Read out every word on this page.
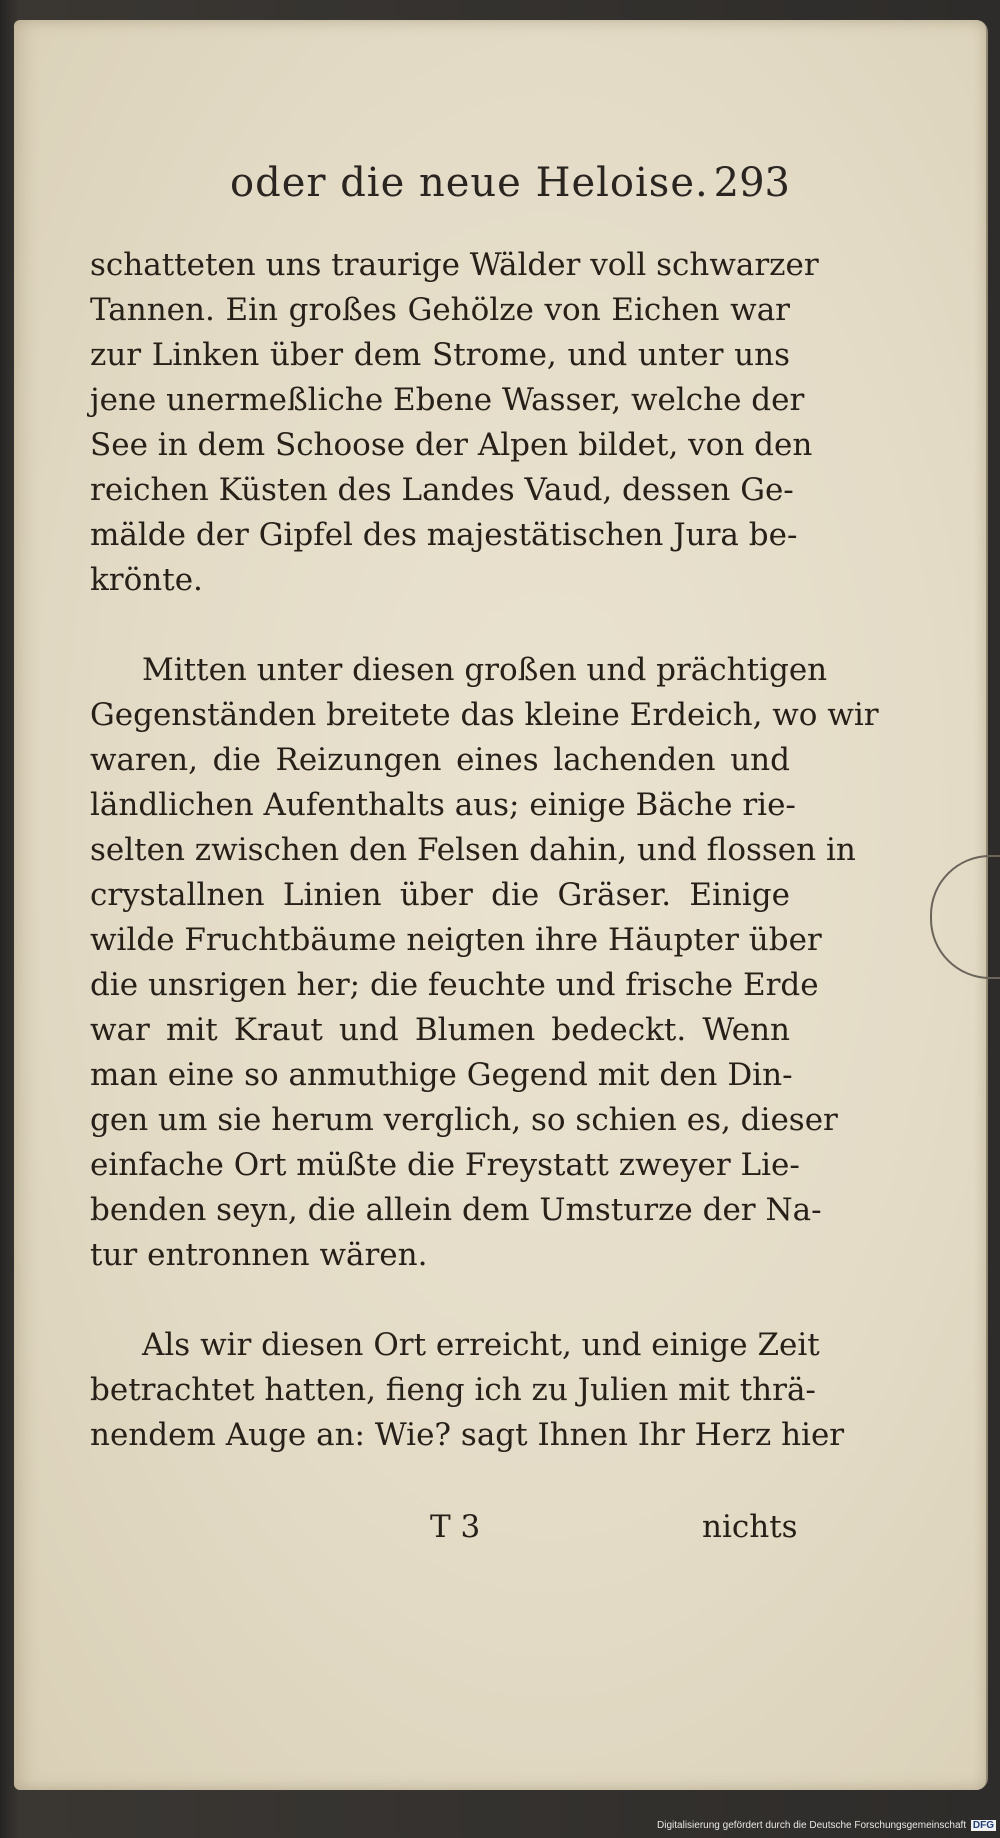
oder die neue Heloise. 293
schatteten uns traurige Wälder voll schwarzer
Tannen. Ein großes Gehölze von Eichen war
zur Linken über dem Strome, und unter uns
jene unermeßliche Ebene Wasser, welche der
See in dem Schoose der Alpen bildet, von den
reichen Küsten des Landes Vaud, dessen Ge-
mälde der Gipfel des majestätischen Jura be-
krönte.
Mitten unter diesen großen und prächtigen
Gegenständen breitete das kleine Erdeich, wo wir
waren, die Reizungen eines lachenden und
ländlichen Aufenthalts aus; einige Bäche rie-
selten zwischen den Felsen dahin, und flossen in
crystallnen Linien über die Gräser. Einige
wilde Fruchtbäume neigten ihre Häupter über
die unsrigen her; die feuchte und frische Erde
war mit Kraut und Blumen bedeckt. Wenn
man eine so anmuthige Gegend mit den Din-
gen um sie herum verglich, so schien es, dieser
einfache Ort müßte die Freystatt zweyer Lie-
benden seyn, die allein dem Umsturze der Na-
tur entronnen wären.
Als wir diesen Ort erreicht, und einige Zeit
betrachtet hatten, fieng ich zu Julien mit thrä-
nendem Auge an: Wie? sagt Ihnen Ihr Herz hier
T 3	nichts
Digitalisierung gefördert durch die Deutsche Forschungsgemeinschaft DFG
